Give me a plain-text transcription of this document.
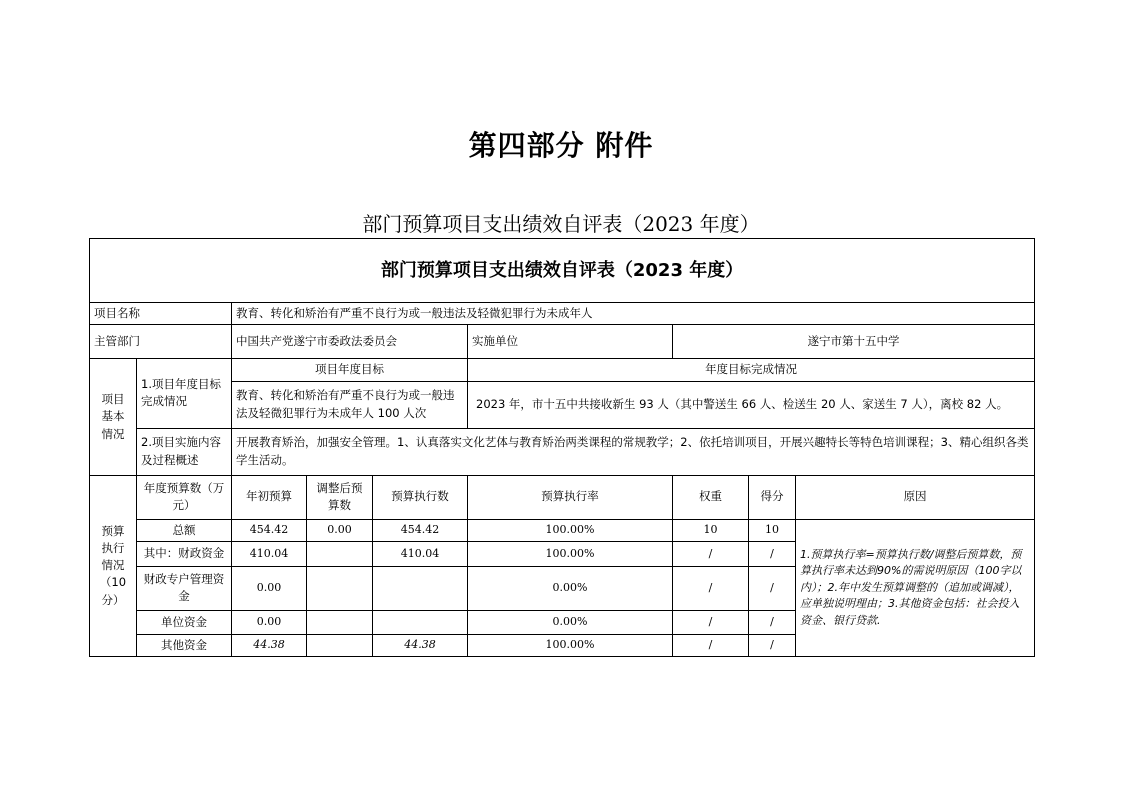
第四部分 附件
部门预算项目支出绩效自评表（2023 年度）
部门预算项目支出绩效自评表（2023 年度）								
项目名称		教育、转化和矫治有严重不良行为或一般违法及轻微犯罪行为未成年人						
主管部门		中国共产党遂宁市委政法委员会			实施单位	遂宁市第十五中学		
项目基本情况	1.项目年度目标完成情况	项目年度目标			年度目标完成情况			
		教育、转化和矫治有严重不良行为或一般违法及轻微犯罪行为未成年人 100 人次			2023 年，市十五中共接收新生 93 人（其中警送生 66 人、检送生 20 人、家送生 7 人），离校 82 人。			
	2.项目实施内容及过程概述	开展教育矫治，加强安全管理。1、认真落实文化艺体与教育矫治两类课程的常规教学；2、依托培训项目，开展兴趣特长等特色培训课程；3、精心组织各类学生活动。						
预算执行情况（10分）	年度预算数（万元）	年初预算	调整后预算数	预算执行数	预算执行率	权重	得分	原因
	总额	454.42	0.00	454.42	100.00%	10	10	1.预算执行率=预算执行数/调整后预算数，预算执行率未达到90%的需说明原因（100字以内）；2.年中发生预算调整的（追加或调减），应单独说明理由；3.其他资金包括：社会投入资金、银行贷款.
	其中：财政资金	410.04		410.04	100.00%	/	/	
	财政专户管理资金	0.00			0.00%	/	/	
	单位资金	0.00			0.00%	/	/	
	其他资金	44.38		44.38	100.00%	/	/	
